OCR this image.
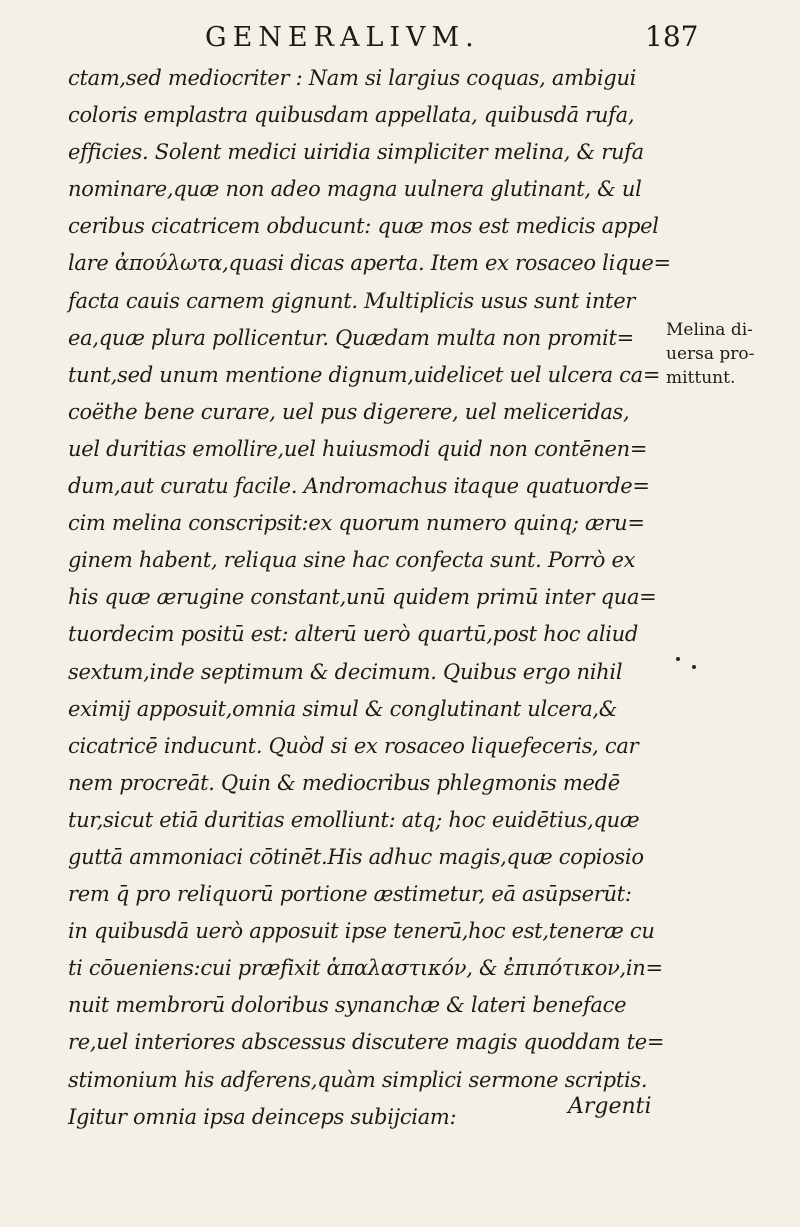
GENERALIVM.	187
ctam,sed mediocriter : Nam si largius coquas, ambigui
coloris emplastra quibusdam appellata, quibusdā rufa,
efficies. Solent medici uiridia simpliciter melina, & rufa
nominare,quæ non adeo magna uulnera glutinant, & ul
ceribus cicatricem obducunt: quæ mos est medicis appel
lare ἀπούλωτα,quasi dicas aperta. Item ex rosaceo lique=
facta cauis carnem gignunt. Multiplicis usus sunt inter
ea,quæ plura pollicentur. Quædam multa non promit=
tunt,sed unum mentione dignum,uidelicet uel ulcera ca=
coëthe bene curare, uel pus digerere, uel meliceridas,
uel duritias emollire,uel huiusmodi quid non contēnen=
dum,aut curatu facile. Andromachus itaque quatuorde=
cim melina conscripsit:ex quorum numero quinq; æru=
ginem habent, reliqua sine hac confecta sunt. Porrò ex
his quæ ærugine constant,unū quidem primū inter qua=
tuordecim positū est: alterū uerò quartū,post hoc aliud
sextum,inde septimum & decimum. Quibus ergo nihil
eximij apposuit,omnia simul & conglutinant ulcera,&
cicatricē inducunt. Quòd si ex rosaceo liquefeceris, car
nem procreāt. Quin & mediocribus phlegmonis medē
tur,sicut etiā duritias emolliunt: atq; hoc euidētius,quæ
guttā ammoniaci cōtinēt.His adhuc magis,quæ copiosio
rem q̄ pro reliquorū portione æstimetur, eā asūpserūt:
in quibusdā uerò apposuit ipse tenerū,hoc est,teneræ cu
ti cōueniens:cui præfixit ἁπαλαστικόν, & ἐπιπότικον,in=
nuit membrorū doloribus synanchæ & lateri beneface
re,uel interiores abscessus discutere magis quoddam te=
stimonium his adferens,quàm simplici sermone scriptis.
Igitur omnia ipsa deinceps subijciam:
Melina di-
uersa pro-
mittunt.
Argenti
